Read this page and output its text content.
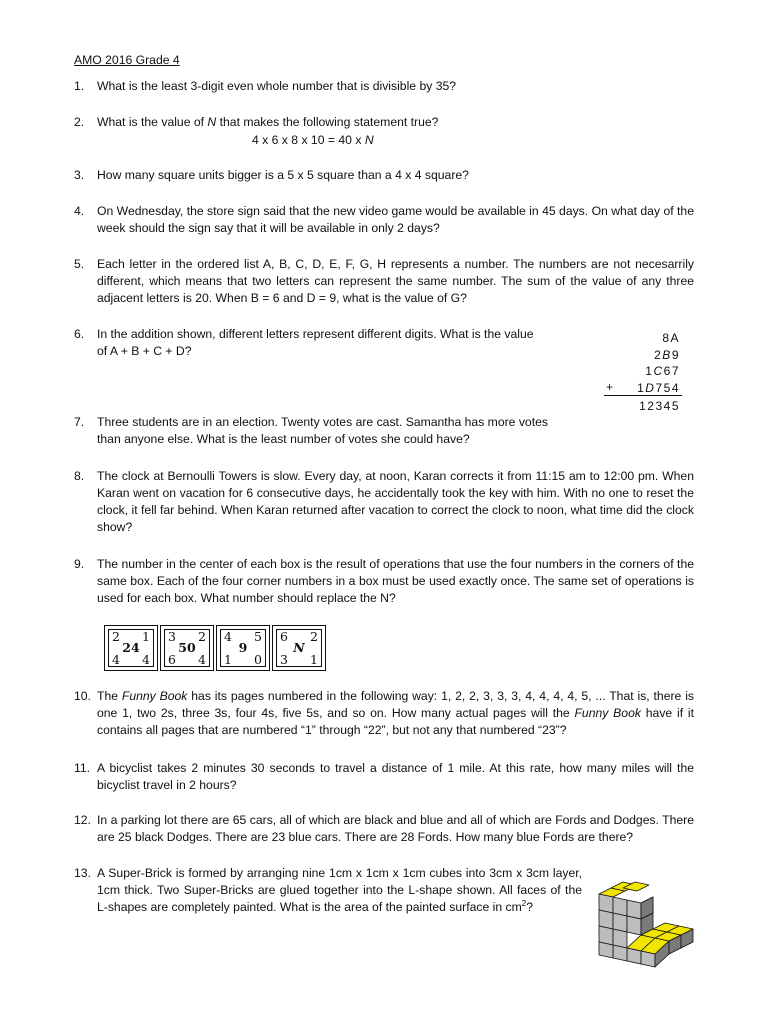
AMO 2016 Grade 4
1. What is the least 3-digit even whole number that is divisible by 35?
2. What is the value of N that makes the following statement true?
4 x 6 x 8 x 10 = 40 x N
3. How many square units bigger is a 5 x 5 square than a 4 x 4 square?
4. On Wednesday, the store sign said that the new video game would be available in 45 days. On what day of the week should the sign say that it will be available in only 2 days?
5. Each letter in the ordered list A, B, C, D, E, F, G, H represents a number. The numbers are not necesarrily different, which means that two letters can represent the same number. The sum of the value of any three adjacent letters is 20. When B = 6 and D = 9, what is the value of G?
6. In the addition shown, different letters represent different digits. What is the value
of A + B + C + D?
8A
2B9
1C67
1D754
+
12345
7. Three students are in an election. Twenty votes are cast. Samantha has more votes
than anyone else. What is the least number of votes she could have?
8. The clock at Bernoulli Towers is slow. Every day, at noon, Karan corrects it from 11:15 am to 12:00 pm. When Karan went on vacation for 6 consecutive days, he accidentally took the key with him. With no one to reset the clock, it fell far behind. When Karan returned after vacation to correct the clock to noon, what time did the clock show?
9. The number in the center of each box is the result of operations that use the four numbers in the corners of the same box. Each of the four corner numbers in a box must be used exactly once. The same set of operations is used for each box. What number should replace the N?
2 1
24
4 4
3 2
50
6 4
4 5
9
1 0
6 2
N
3 1
10. The Funny Book has its pages numbered in the following way: 1, 2, 2, 3, 3, 3, 4, 4, 4, 4, 5, ... That is, there is one 1, two 2s, three 3s, four 4s, five 5s, and so on. How many actual pages will the Funny Book have if it contains all pages that are numbered “1” through “22”, but not any that numbered “23”?
11. A bicyclist takes 2 minutes 30 seconds to travel a distance of 1 mile. At this rate, how many miles will the bicyclist travel in 2 hours?
12. In a parking lot there are 65 cars, all of which are black and blue and all of which are Fords and Dodges. There are 25 black Dodges. There are 23 blue cars. There are 28 Fords. How many blue Fords are there?
13. A Super-Brick is formed by arranging nine 1cm x 1cm x 1cm cubes into 3cm x 3cm layer, 1cm thick. Two Super-Bricks are glued together into the L-shape shown. All faces of the L-shapes are completely painted. What is the area of the painted surface in $cm^2$?
